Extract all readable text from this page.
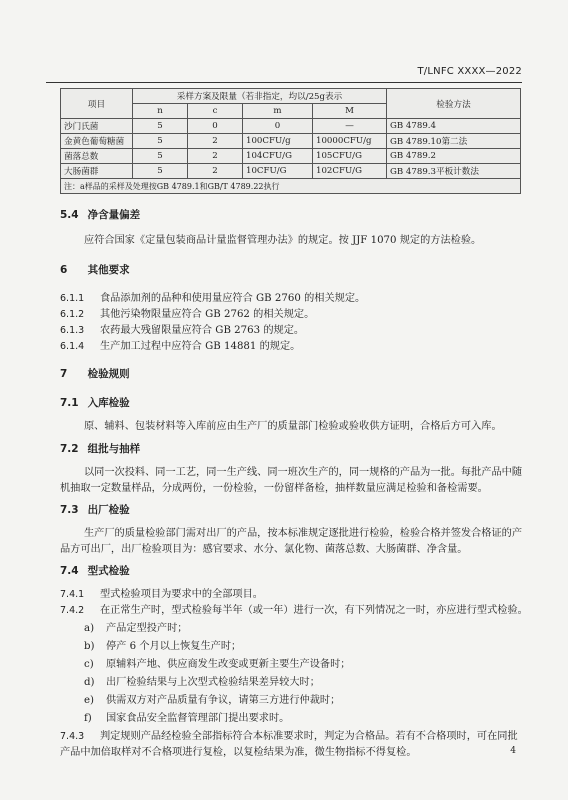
T/LNFC XXXX—2022
项目	采样方案及限量（若非指定，均以/25g表示				检验方法
	n	c	m	M	
沙门氏菌	5	0	0	—	GB 4789.4
金黄色葡萄糖菌	5	2	100CFU/g	10000CFU/g	GB 4789.10第二法
菌落总数	5	2	104CFU/G	105CFU/G	GB 4789.2
大肠菌群	5	2	10CFU/G	102CFU/G	GB 4789.3平板计数法
注：a样品的采样及处理按GB 4789.1和GB/T 4789.22执行					
5.4 净含量偏差
应符合国家《定量包装商品计量监督管理办法》的规定。按 JJF 1070 规定的方法检验。
6 其他要求
6.1.1 食品添加剂的品种和使用量应符合 GB 2760 的相关规定。
6.1.2 其他污染物限量应符合 GB 2762 的相关规定。
6.1.3 农药最大残留限量应符合 GB 2763 的规定。
6.1.4 生产加工过程中应符合 GB 14881 的规定。
7 检验规则
7.1 入库检验
原、辅料、包装材料等入库前应由生产厂的质量部门检验或验收供方证明，合格后方可入库。
7.2 组批与抽样
以同一次投料、同一工艺，同一生产线、同一班次生产的，同一规格的产品为一批。每批产品中随
机抽取一定数量样品，分成两份，一份检验，一份留样备检，抽样数量应满足检验和备检需要。
7.3 出厂检验
生产厂的质量检验部门需对出厂的产品，按本标准规定逐批进行检验，检验合格并签发合格证的产
品方可出厂，出厂检验项目为：感官要求、水分、氯化物、菌落总数、大肠菌群、净含量。
7.4 型式检验
7.4.1 型式检验项目为要求中的全部项目。
7.4.2 在正常生产时，型式检验每半年（或一年）进行一次，有下列情况之一时，亦应进行型式检验。
a) 产品定型投产时；
b) 停产 6 个月以上恢复生产时；
c) 原辅料产地、供应商发生改变或更新主要生产设备时；
d) 出厂检验结果与上次型式检验结果差异较大时；
e) 供需双方对产品质量有争议，请第三方进行仲裁时；
f) 国家食品安全监督管理部门提出要求时。
7.4.3 判定规则产品经检验全部指标符合本标准要求时，判定为合格品。若有不合格项时，可在同批
产品中加倍取样对不合格项进行复检，以复检结果为准，微生物指标不得复检。	4
